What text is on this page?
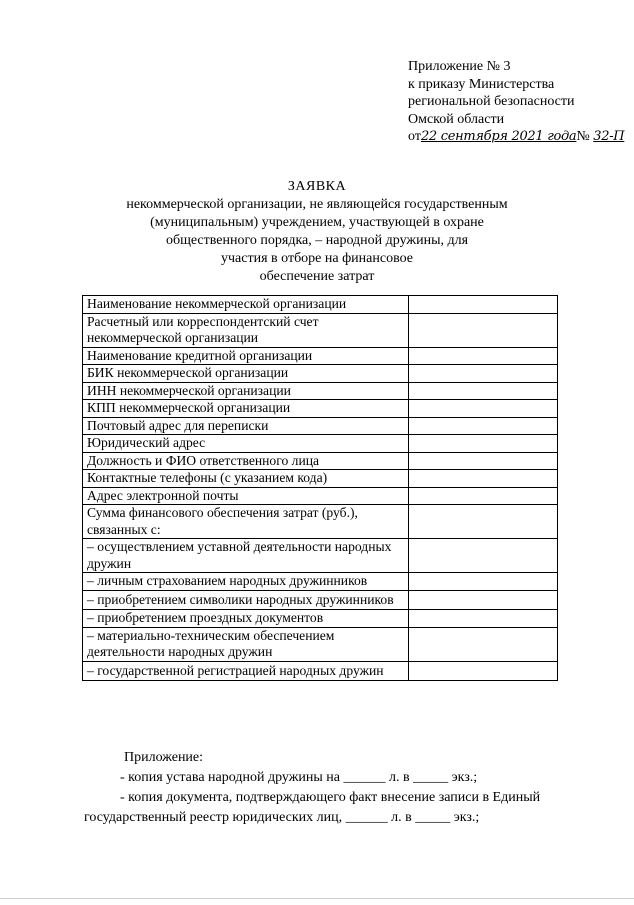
Приложение № 3
к приказу Министерства
региональной безопасности
Омской области
от22 сентября 2021 года№ 32-П
ЗАЯВКА
некоммерческой организации, не являющейся государственным
(муниципальным) учреждением, участвующей в охране
общественного порядка, – народной дружины, для
участия в отборе на финансовое
обеспечение затрат
Наименование некоммерческой организации	
Расчетный или корреспондентский счет некоммерческой организации	
Наименование кредитной организации	
БИК некоммерческой организации	
ИНН некоммерческой организации	
КПП некоммерческой организации	
Почтовый адрес для переписки	
Юридический адрес	
Должность и ФИО ответственного лица	
Контактные телефоны (с указанием кода)	
Адрес электронной почты	
Сумма финансового обеспечения затрат (руб.), связанных с:	
– осуществлением уставной деятельности народных дружин	
– личным страхованием народных дружинников	
– приобретением символики народных дружинников	
– приобретением проездных документов	
– материально-техническим обеспечением деятельности народных дружин	
– государственной регистрацией народных дружин	
Приложение:
- копия устава народной дружины на ______ л. в _____ экз.;
- копия документа, подтверждающего факт внесение записи в Единый
государственный реестр юридических лиц, ______ л. в _____ экз.;
